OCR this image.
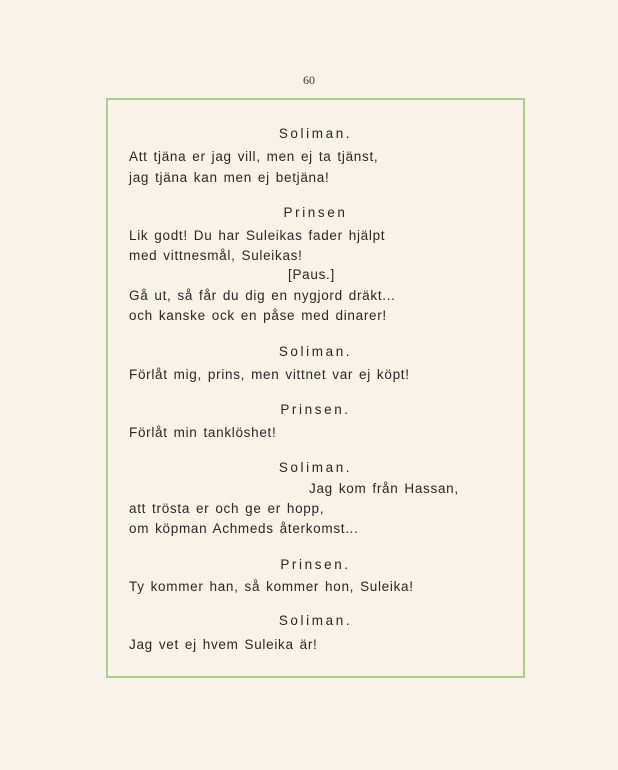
60
Soliman.
Att tjäna er jag vill, men ej ta tjänst,
jag tjäna kan men ej betjäna!
Prinsen
Lik godt! Du har Suleikas fader hjälpt
med vittnesmål, Suleikas!
[Paus.]
Gå ut, så får du dig en nygjord dräkt...
och kanske ock en påse med dinarer!
Soliman.
Förlåt mig, prins, men vittnet var ej köpt!
Prinsen.
Förlåt min tanklöshet!
Soliman.
Jag kom från Hassan,
att trösta er och ge er hopp,
om köpman Achmeds återkomst...
Prinsen.
Ty kommer han, så kommer hon, Suleika!
Soliman.
Jag vet ej hvem Suleika är!
